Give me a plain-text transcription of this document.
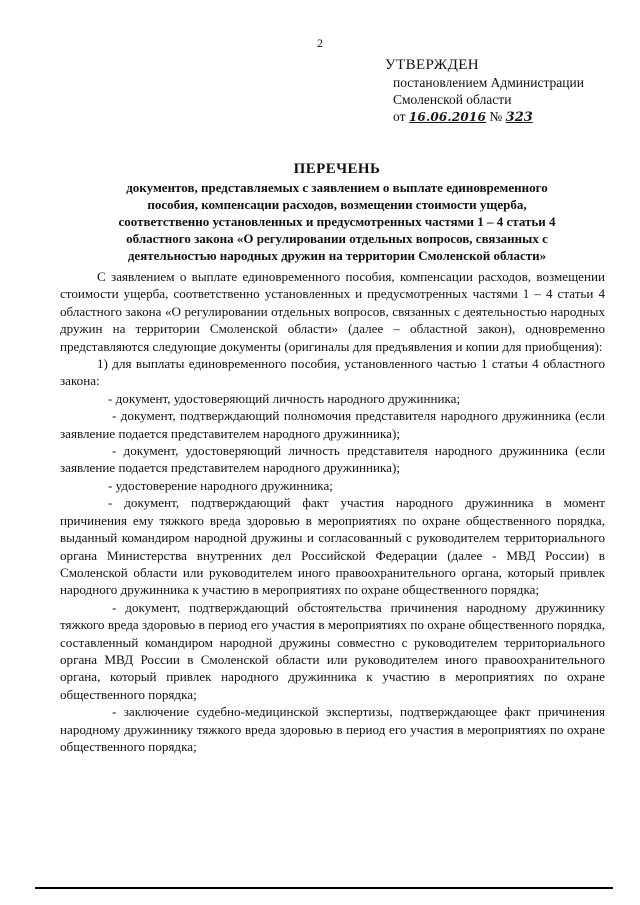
2
УТВЕРЖДЕН
постановлением Администрации
Смоленской области
от 16.06.2016 № 323
ПЕРЕЧЕНЬ
документов, представляемых с заявлением о выплате единовременного
пособия, компенсации расходов, возмещении стоимости ущерба,
соответственно установленных и предусмотренных частями 1 – 4 статьи 4
областного закона «О регулировании отдельных вопросов, связанных с
деятельностью народных дружин на территории Смоленской области»
С заявлением о выплате единовременного пособия, компенсации расходов, возмещении стоимости ущерба, соответственно установленных и предусмотренных частями 1 – 4 статьи 4 областного закона «О регулировании отдельных вопросов, связанных с деятельностью народных дружин на территории Смоленской области» (далее – областной закон), одновременно представляются следующие документы (оригиналы для предъявления и копии для приобщения):
1) для выплаты единовременного пособия, установленного частью 1 статьи 4 областного закона:
- документ, удостоверяющий личность народного дружинника;
- документ, подтверждающий полномочия представителя народного дружинника (если заявление подается представителем народного дружинника);
- документ, удостоверяющий личность представителя народного дружинника (если заявление подается представителем народного дружинника);
- удостоверение народного дружинника;
- документ, подтверждающий факт участия народного дружинника в момент причинения ему тяжкого вреда здоровью в мероприятиях по охране общественного порядка, выданный командиром народной дружины и согласованный с руководителем территориального органа Министерства внутренних дел Российской Федерации (далее - МВД России) в Смоленской области или руководителем иного правоохранительного органа, который привлек народного дружинника к участию в мероприятиях по охране общественного порядка;
- документ, подтверждающий обстоятельства причинения народному дружиннику тяжкого вреда здоровью в период его участия в мероприятиях по охране общественного порядка, составленный командиром народной дружины совместно с руководителем территориального органа МВД России в Смоленской области или руководителем иного правоохранительного органа, который привлек народного дружинника к участию в мероприятиях по охране общественного порядка;
- заключение судебно-медицинской экспертизы, подтверждающее факт причинения народному дружиннику тяжкого вреда здоровью в период его участия в мероприятиях по охране общественного порядка;
